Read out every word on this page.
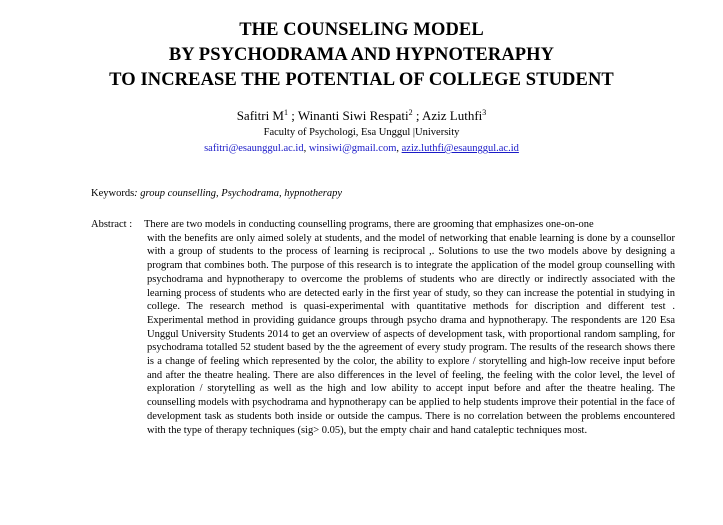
THE COUNSELING MODEL
BY PSYCHODRAMA AND HYPNOTERAPHY
TO INCREASE THE POTENTIAL OF COLLEGE STUDENT
Safitri $M^1$ ; Winanti Siwi Respati$^2$ ; Aziz Luthfi$^3$
Faculty of Psychologi, Esa Unggul |University
safitri@esaunggul.ac.id, winsiwi@gmail.com, aziz.luthfi@esaunggul.ac.id
Keywords: group counselling, Psychodrama, hypnotherapy
Abstract : There are two models in conducting counselling programs, there are grooming that emphasizes one-on-one
with the benefits are only aimed solely at students, and the model of networking that enable learning is done by a counsellor with a group of students to the process of learning is reciprocal ,. Solutions to use the two models above by designing a program that combines both. The purpose of this research is to integrate the application of the model group counselling with psychodrama and hypnotherapy to overcome the problems of students who are directly or indirectly associated with the learning process of students who are detected early in the first year of study, so they can increase the potential in studying in college. The research method is quasi-experimental with quantitative methods for discription and different test . Experimental method in providing guidance groups through psycho drama and hypnotherapy. The respondents are 120 Esa Unggul University Students 2014 to get an overview of aspects of development task, with proportional random sampling, for psychodrama totalled 52 student based by the the agreement of every study program. The results of the research shows there is a change of feeling which represented by the color, the ability to explore / storytelling and high-low receive input before and after the theatre healing. There are also differences in the level of feeling, the feeling with the color level, the level of exploration / storytelling as well as the high and low ability to accept input before and after the theatre healing. The counselling models with psychodrama and hypnotherapy can be applied to help students improve their potential in the face of development task as students both inside or outside the campus. There is no correlation between the problems encountered with the type of therapy techniques (sig> 0.05), but the empty chair and hand cataleptic techniques most.
